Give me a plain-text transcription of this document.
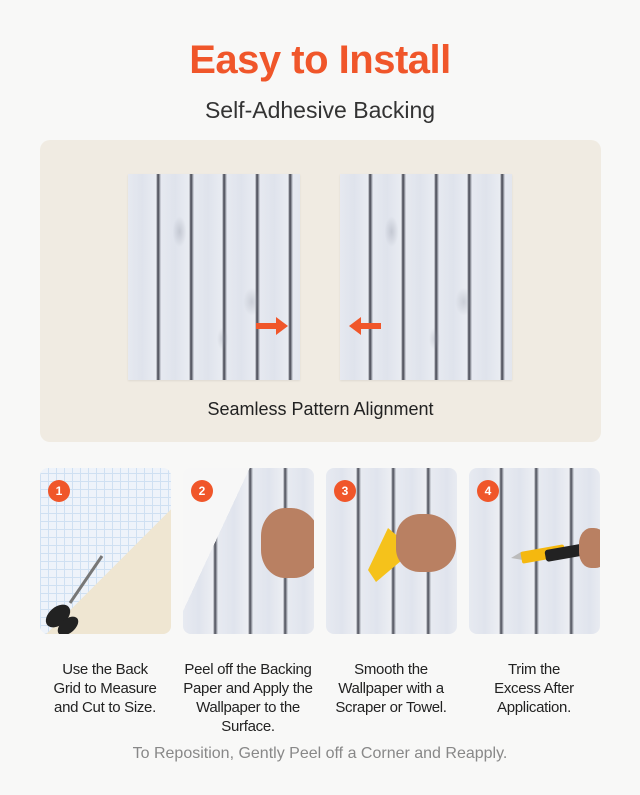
Easy to Install
Self-Adhesive Backing
Seamless Pattern Alignment
1	2	3	4
Use the Back
Grid to Measure
and Cut to Size.
Peel off the Backing
Paper and Apply the
Wallpaper to the Surface.
Smooth the
Wallpaper with a
Scraper or Towel.
Trim the
Excess After
Application.
To Reposition, Gently Peel off a Corner and Reapply.
